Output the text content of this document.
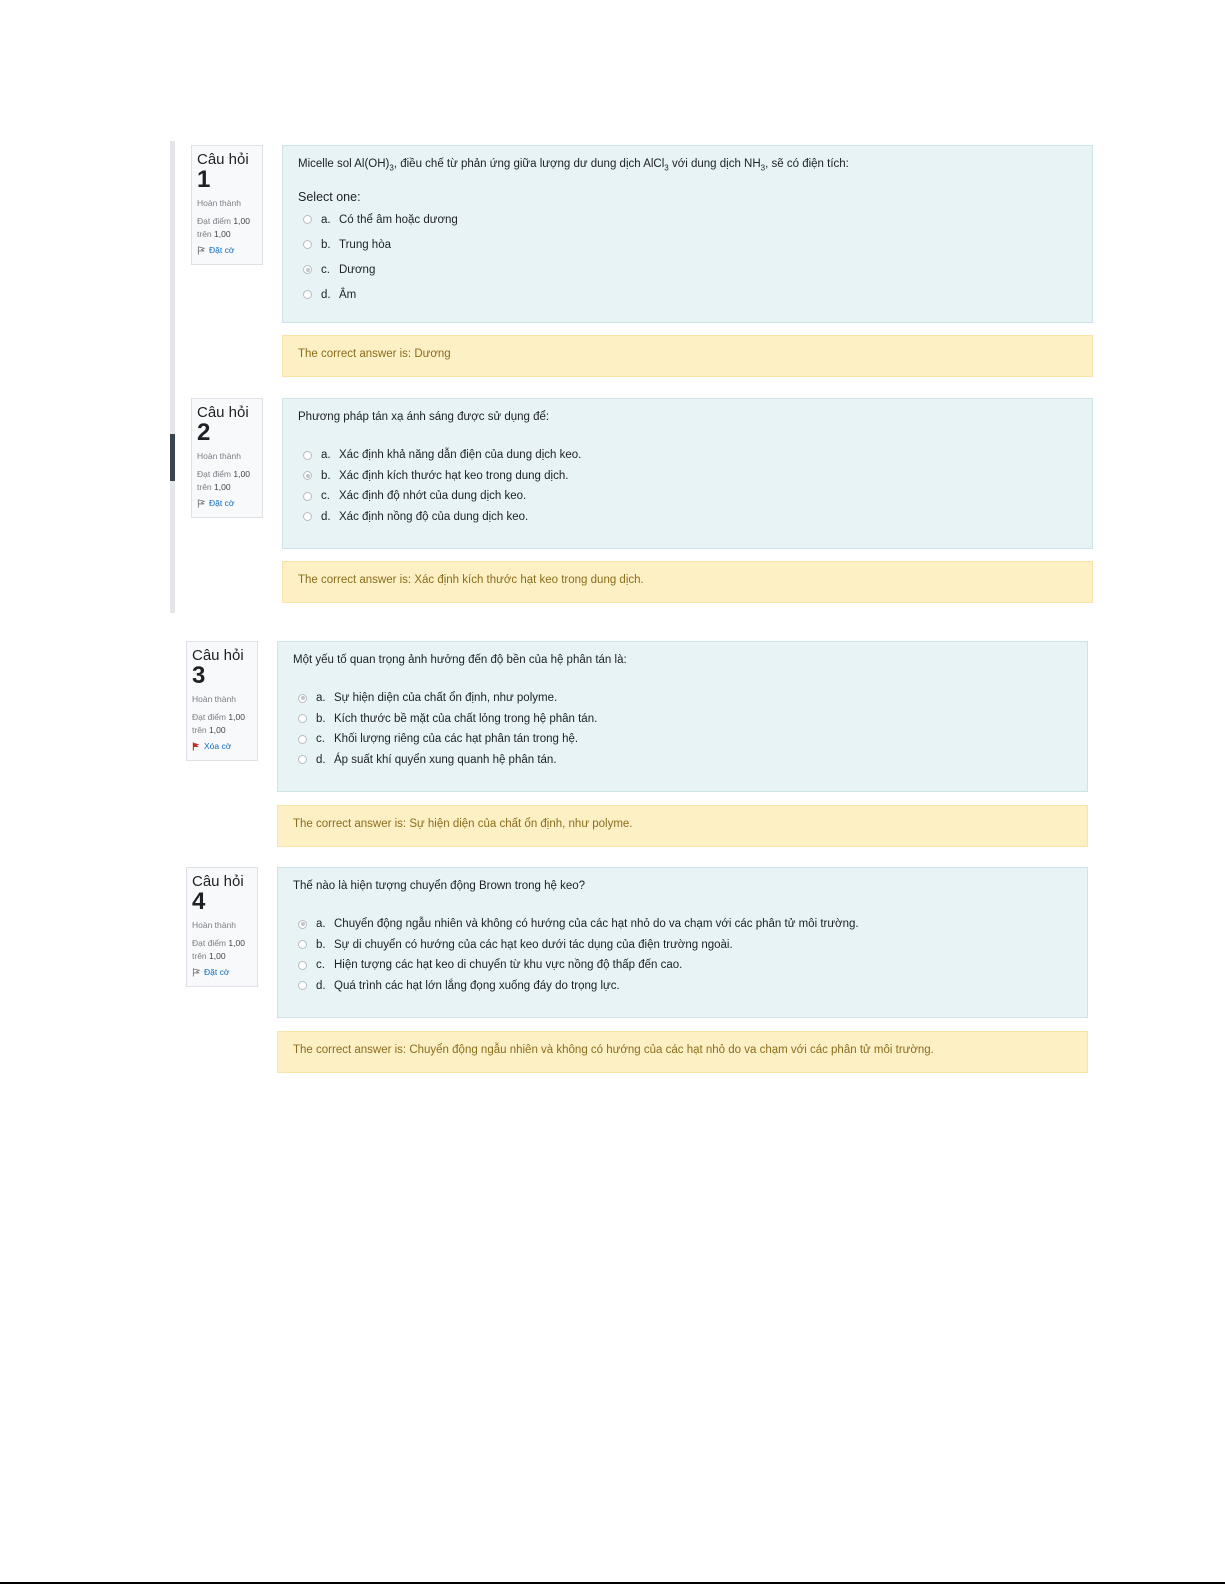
Câu hỏi
1
Hoàn thành
Đạt điểm 1,00
trên 1,00
Đặt cờ
Micelle sol $Al(OH)_3$, điều chế từ phản ứng giữa lượng dư dung dịch AlCl$_3$ với dung dịch $NH_3$, sẽ có điện tích:
Select one:
a. Có thể âm hoặc dương
b. Trung hòa
c. Dương
d. Âm
The correct answer is: Dương
Câu hỏi
2
Hoàn thành
Đạt điểm 1,00
trên 1,00
Đặt cờ
Phương pháp tán xạ ánh sáng được sử dụng để:
a. Xác định khả năng dẫn điện của dung dịch keo.
b. Xác định kích thước hạt keo trong dung dịch.
c. Xác định độ nhớt của dung dịch keo.
d. Xác định nồng độ của dung dịch keo.
The correct answer is: Xác định kích thước hạt keo trong dung dịch.
Câu hỏi
3
Hoàn thành
Đạt điểm 1,00
trên 1,00
Xóa cờ
Một yếu tố quan trọng ảnh hưởng đến độ bền của hệ phân tán là:
a. Sự hiện diện của chất ổn định, như polyme.
b. Kích thước bề mặt của chất lỏng trong hệ phân tán.
c. Khối lượng riêng của các hạt phân tán trong hệ.
d. Áp suất khí quyển xung quanh hệ phân tán.
The correct answer is: Sự hiện diện của chất ổn định, như polyme.
Câu hỏi
4
Hoàn thành
Đạt điểm 1,00
trên 1,00
Đặt cờ
Thế nào là hiện tượng chuyển động Brown trong hệ keo?
a. Chuyển động ngẫu nhiên và không có hướng của các hạt nhỏ do va chạm với các phân tử môi trường.
b. Sự di chuyển có hướng của các hạt keo dưới tác dụng của điện trường ngoài.
c. Hiện tượng các hạt keo di chuyển từ khu vực nồng độ thấp đến cao.
d. Quá trình các hạt lớn lắng đọng xuống đáy do trọng lực.
The correct answer is: Chuyển động ngẫu nhiên và không có hướng của các hạt nhỏ do va chạm với các phân tử môi trường.
